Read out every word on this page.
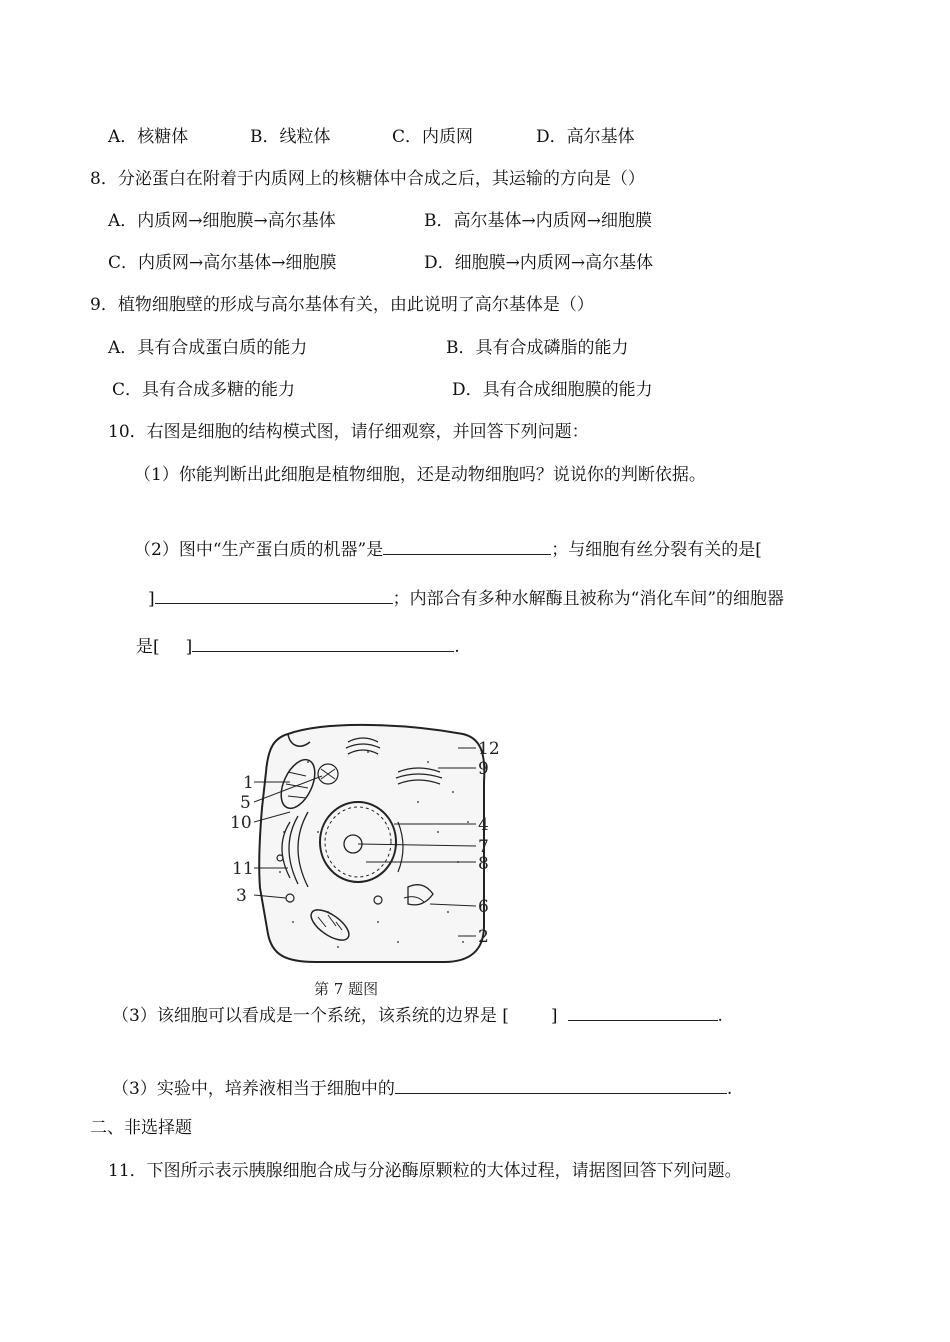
A．核糖体	B．线粒体	C．内质网	D．高尔基体
8．分泌蛋白在附着于内质网上的核糖体中合成之后，其运输的方向是（）
A．内质网→细胞膜→高尔基体	B．高尔基体→内质网→细胞膜
C．内质网→高尔基体→细胞膜	D．细胞膜→内质网→高尔基体
9．植物细胞壁的形成与高尔基体有关，由此说明了高尔基体是（）
A．具有合成蛋白质的能力	B．具有合成磷脂的能力
C．具有合成多糖的能力	D．具有合成细胞膜的能力
10．右图是细胞的结构模式图，请仔细观察，并回答下列问题：
（1）你能判断出此细胞是植物细胞，还是动物细胞吗？说说你的判断依据。
（2）图中“生产蛋白质的机器”是	；与细胞有丝分裂有关的是[
]	；内部合有多种水解酶且被称为“消化车间”的细胞器
是[ ]	.
12
9
1
5
10	4
7
8
11
3
6
2
第 7 题图
（3）该细胞可以看成是一个系统，该系统的边界是 [ ]	.
（3）实验中，培养液相当于细胞中的	.
二、非选择题
11．下图所示表示胰腺细胞合成与分泌酶原颗粒的大体过程，请据图回答下列问题。
